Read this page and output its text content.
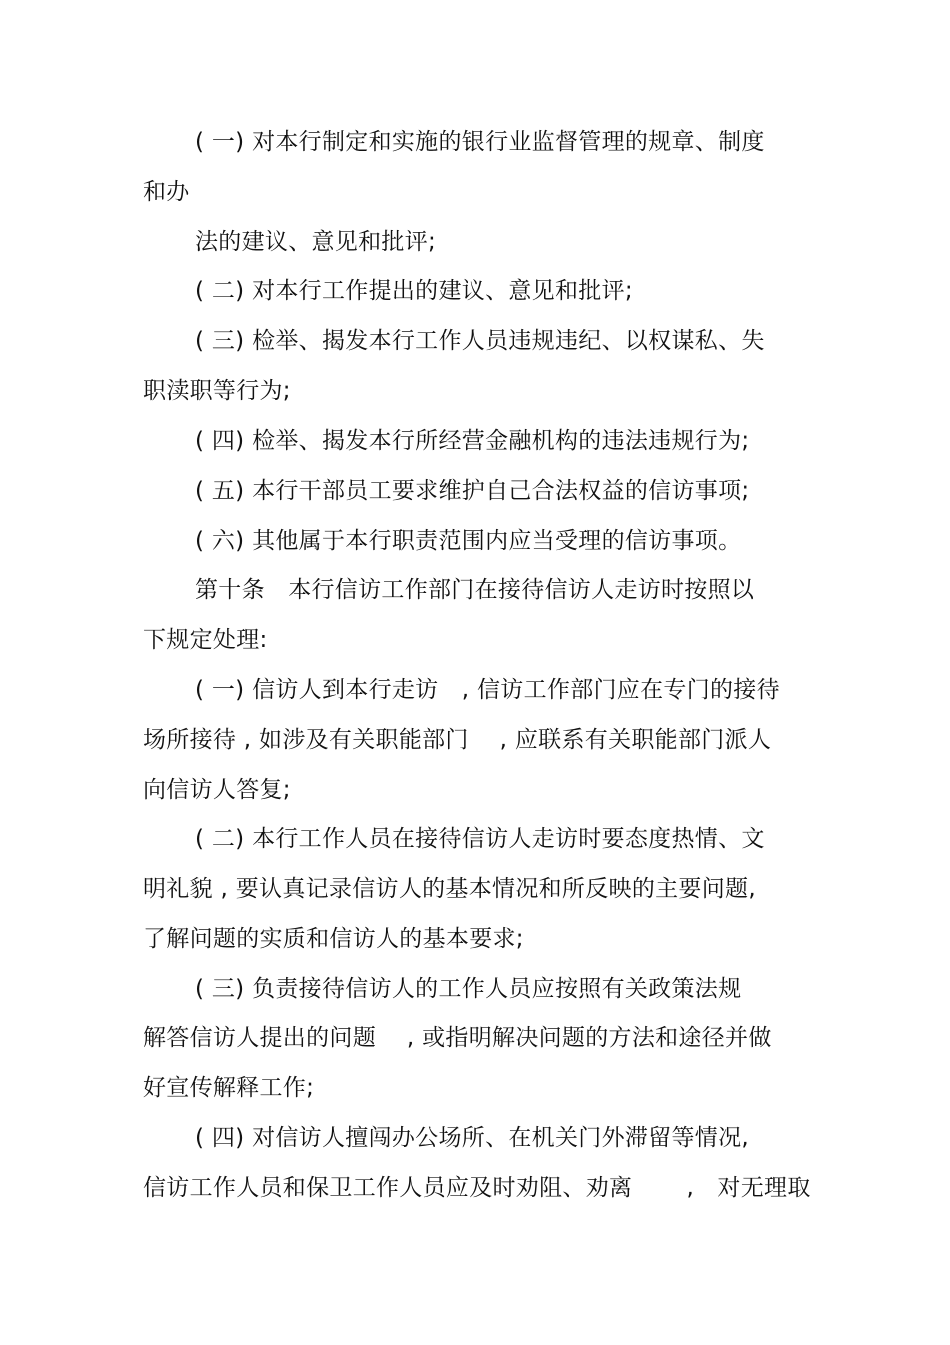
( 一) 对本行制定和实施的银行业监督管理的规章、制度
和办
法的建议、意见和批评;
( 二) 对本行工作提出的建议、意见和批评;
( 三) 检举、揭发本行工作人员违规违纪、以权谋私、失
职渎职等行为;
( 四) 检举、揭发本行所经营金融机构的违法违规行为;
( 五) 本行干部员工要求维护自己合法权益的信访事项;
( 六) 其他属于本行职责范围内应当受理的信访事项。
第十条　本行信访工作部门在接待信访人走访时按照以
下规定处理:
( 一) 信访人到本行走访　, 信访工作部门应在专门的接待
场所接待 , 如涉及有关职能部门　 , 应联系有关职能部门派人
向信访人答复;
( 二) 本行工作人员在接待信访人走访时要态度热情、文
明礼貌 , 要认真记录信访人的基本情况和所反映的主要问题,
了解问题的实质和信访人的基本要求;
( 三) 负责接待信访人的工作人员应按照有关政策法规
解答信访人提出的问题　 , 或指明解决问题的方法和途径并做
好宣传解释工作;
( 四) 对信访人擅闯办公场所、在机关门外滞留等情况,
信访工作人员和保卫工作人员应及时劝阻、劝离　　 ,　对无理取
